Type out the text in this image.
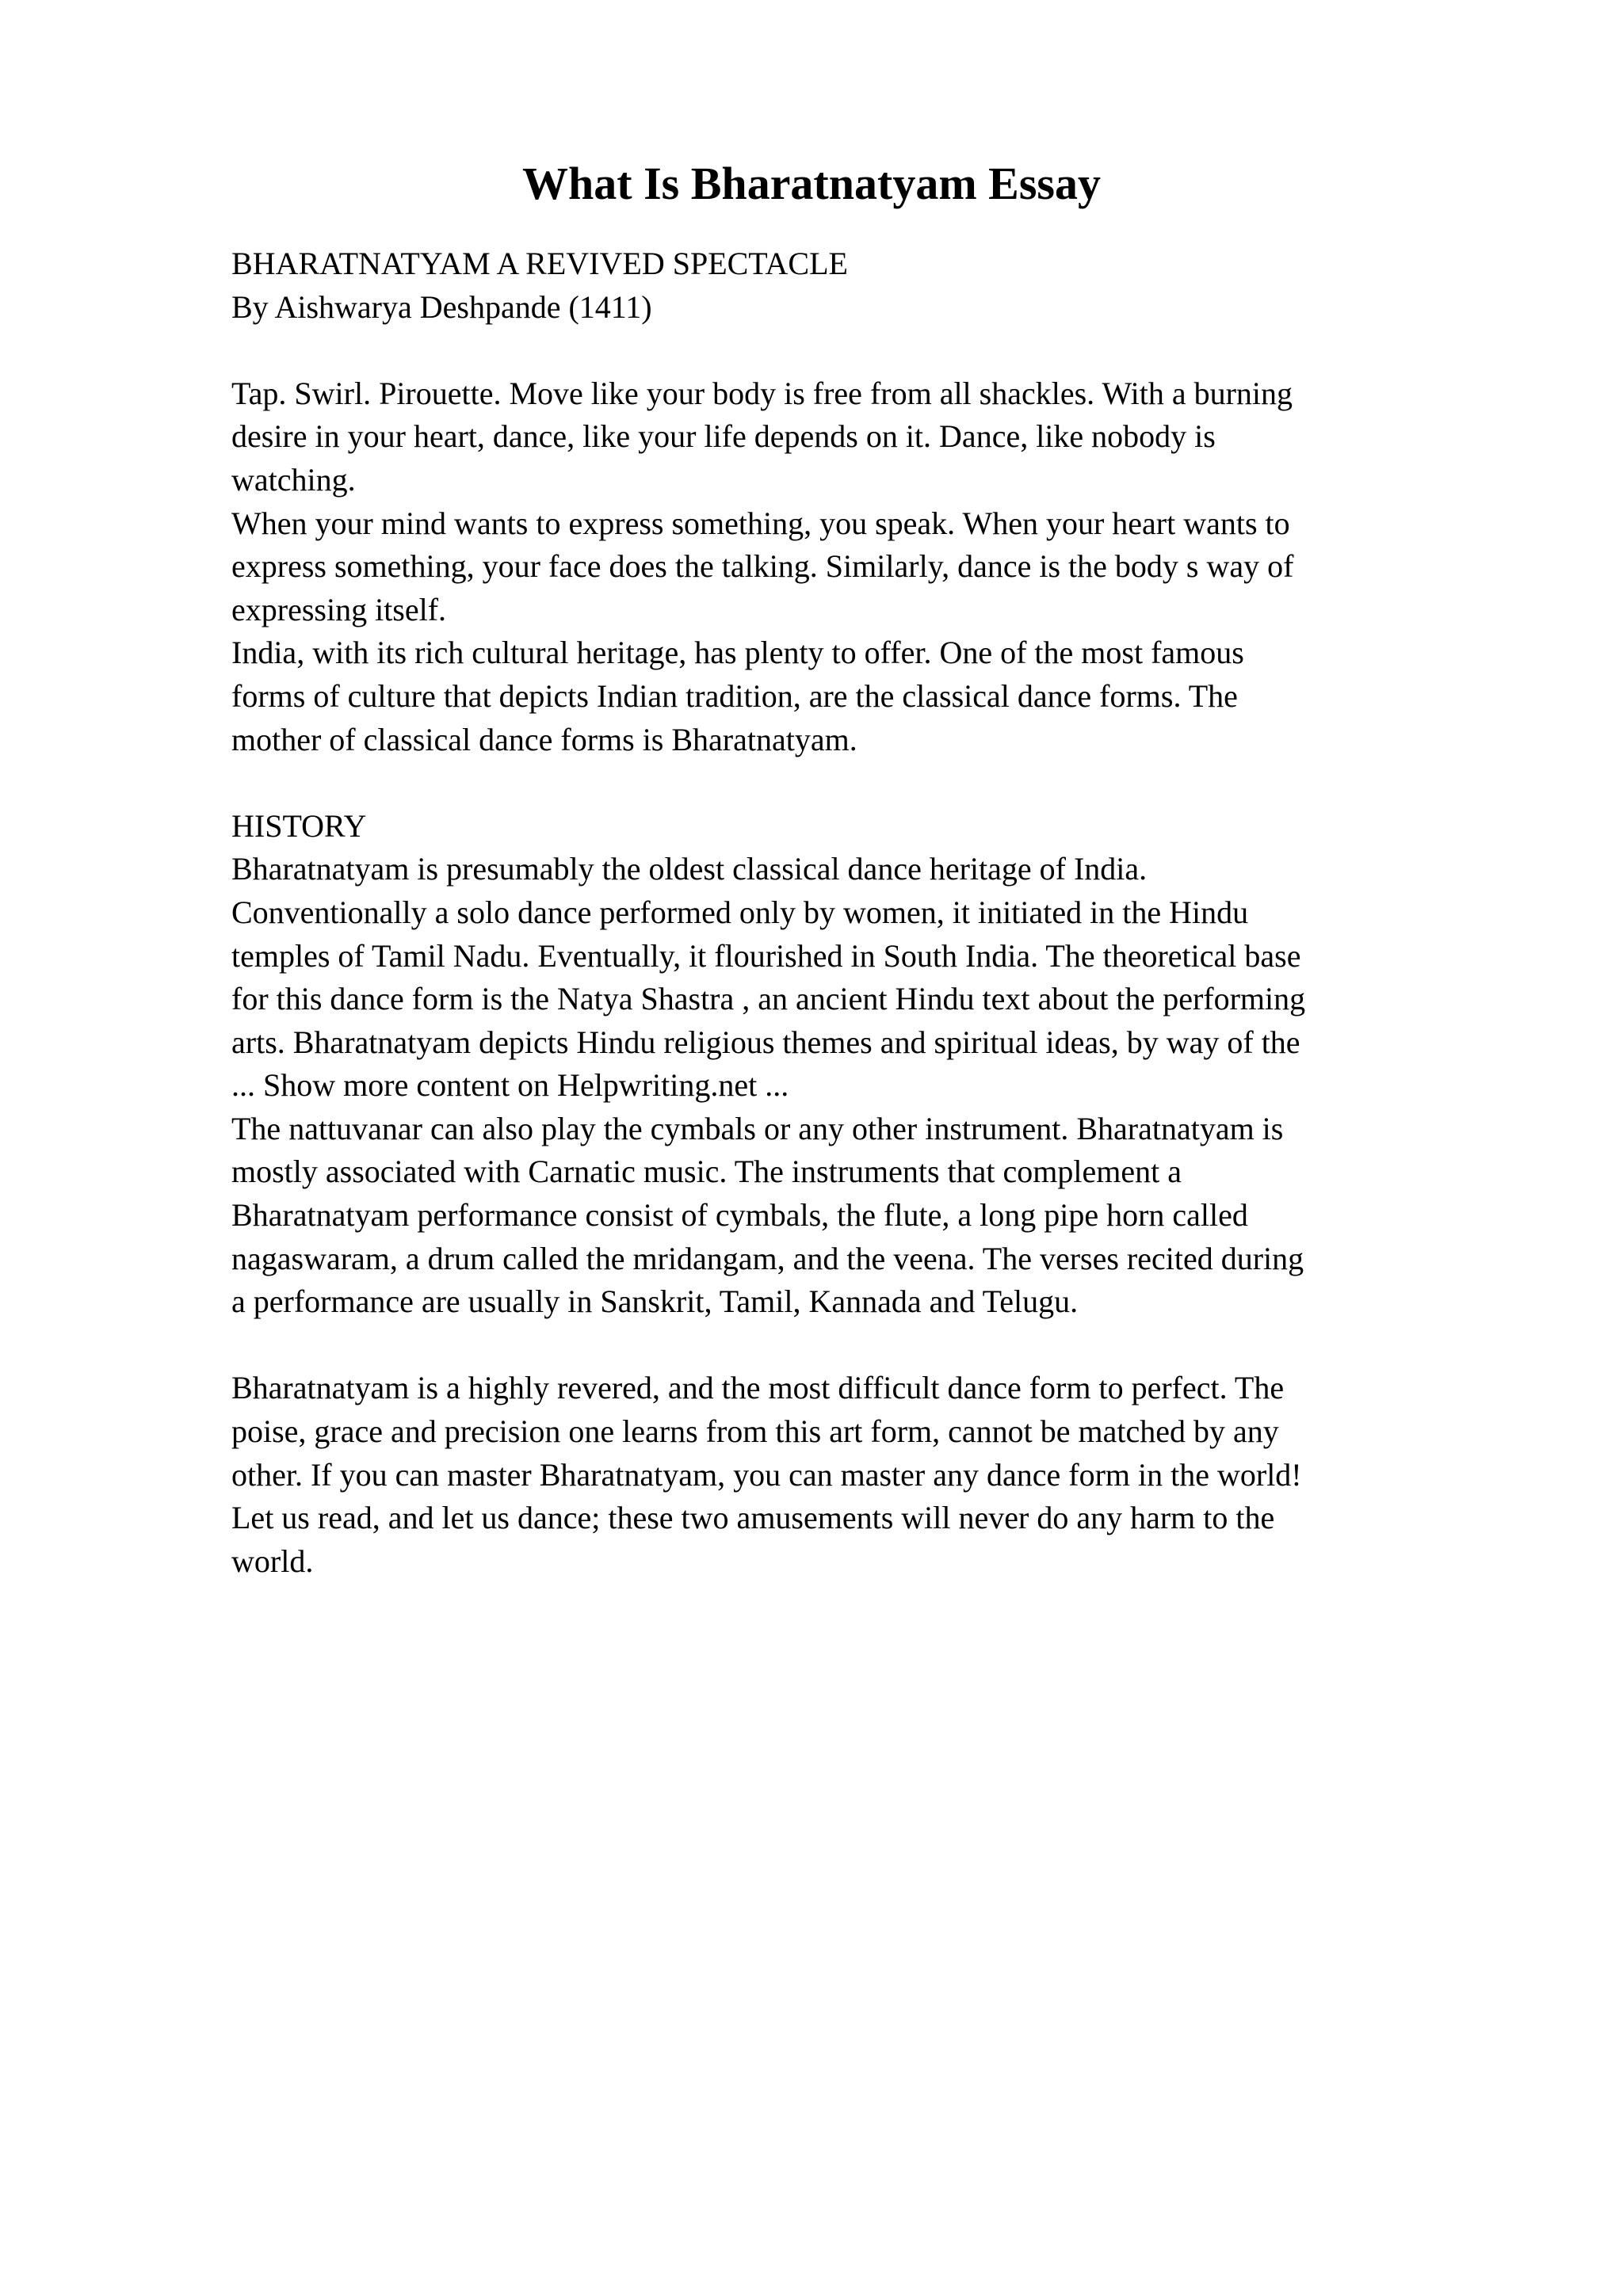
What Is Bharatnatyam Essay
BHARATNATYAM A REVIVED SPECTACLE
By Aishwarya Deshpande (1411)
Tap. Swirl. Pirouette. Move like your body is free from all shackles. With a burning
desire in your heart, dance, like your life depends on it. Dance, like nobody is
watching.
When your mind wants to express something, you speak. When your heart wants to
express something, your face does the talking. Similarly, dance is the body s way of
expressing itself.
India, with its rich cultural heritage, has plenty to offer. One of the most famous
forms of culture that depicts Indian tradition, are the classical dance forms. The
mother of classical dance forms is Bharatnatyam.
HISTORY
Bharatnatyam is presumably the oldest classical dance heritage of India.
Conventionally a solo dance performed only by women, it initiated in the Hindu
temples of Tamil Nadu. Eventually, it flourished in South India. The theoretical base
for this dance form is the Natya Shastra , an ancient Hindu text about the performing
arts. Bharatnatyam depicts Hindu religious themes and spiritual ideas, by way of the
... Show more content on Helpwriting.net ...
The nattuvanar can also play the cymbals or any other instrument. Bharatnatyam is
mostly associated with Carnatic music. The instruments that complement a
Bharatnatyam performance consist of cymbals, the flute, a long pipe horn called
nagaswaram, a drum called the mridangam, and the veena. The verses recited during
a performance are usually in Sanskrit, Tamil, Kannada and Telugu.
Bharatnatyam is a highly revered, and the most difficult dance form to perfect. The
poise, grace and precision one learns from this art form, cannot be matched by any
other. If you can master Bharatnatyam, you can master any dance form in the world!
Let us read, and let us dance; these two amusements will never do any harm to the
world.
